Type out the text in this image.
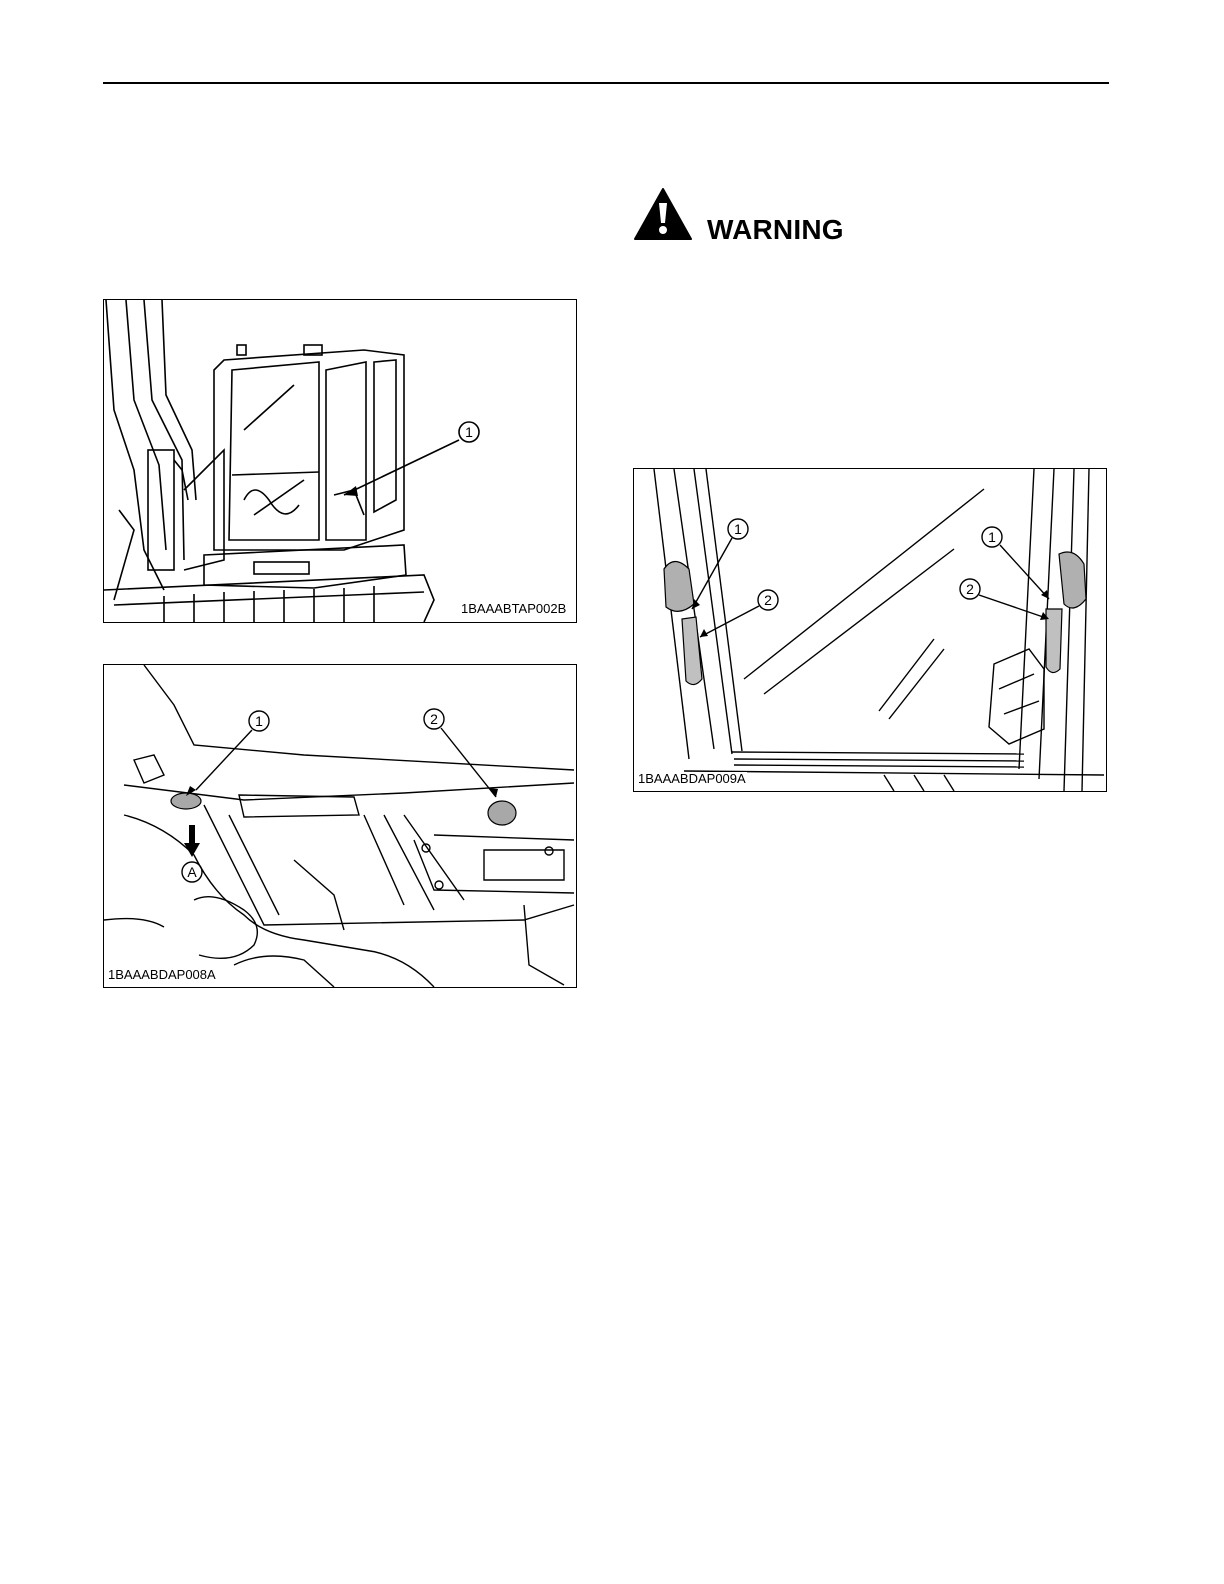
1
1BAAABTAP002B
1	2
A
1BAAABDAP008A
WARNING
1
2
1
2
1BAAABDAP009A
